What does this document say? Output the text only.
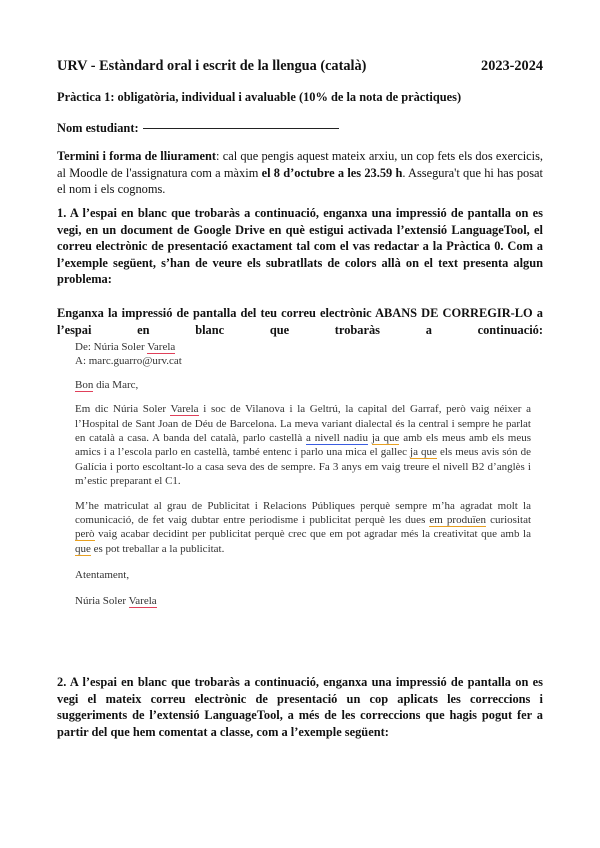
URV - Estàndard oral i escrit de la llengua (català)	2023-2024
Pràctica 1: obligatòria, individual i avaluable (10% de la nota de pràctiques)
Nom estudiant:
Termini i forma de lliurament: cal que pengis aquest mateix arxiu, un cop fets els dos exercicis, al Moodle de l'assignatura com a màxim el 8 d’octubre a les 23.59 h. Assegura't que hi has posat el nom i els cognoms.
1. A l’espai en blanc que trobaràs a continuació, enganxa una impressió de pantalla on es vegi, en un document de Google Drive en què estigui activada l’extensió LanguageTool, el correu electrònic de presentació exactament tal com el vas redactar a la Pràctica 0. Com a l’exemple següent, s’han de veure els subratllats de colors allà on el text presenta algun problema:
Enganxa la impressió de pantalla del teu correu electrònic ABANS DE CORREGIR-LO a
l’espai	en	blanc	que	trobaràs	a	continuació:

De: Núria Soler Varela

A: marc.guarro@urv.cat

Bon dia Marc,

Em dic Núria Soler Varela i soc de Vilanova i la Geltrú, la capital del Garraf, però vaig néixer a l’Hospital de Sant Joan de Déu de Barcelona. La meva variant dialectal és la central i sempre he parlat en català a casa. A banda del català, parlo castellà a nivell nadiu ja que amb els meus amb els meus amics i a l’escola parlo en castellà, també entenc i parlo una mica el gallec ja que els meus avis són de Galícia i porto escoltant-lo a casa seva des de sempre. Fa 3 anys em vaig treure el nivell B2 d’anglès i m’estic preparant el C1.

M’he matriculat al grau de Publicitat i Relacions Públiques perquè sempre m’ha agradat molt la comunicació, de fet vaig dubtar entre periodisme i publicitat perquè les dues em produïen curiositat però vaig acabar decidint per publicitat perquè crec que em pot agradar més la creativitat que amb la que es pot treballar a la publicitat.

Atentament,

Núria Soler Varela

2. A l’espai en blanc que trobaràs a continuació, enganxa una impressió de pantalla on es vegi el mateix correu electrònic de presentació un cop aplicats les correccions i suggeriments de l’extensió LanguageTool, a més de les correccions que hagis pogut fer a partir del que hem comentat a classe, com a l’exemple següent:
